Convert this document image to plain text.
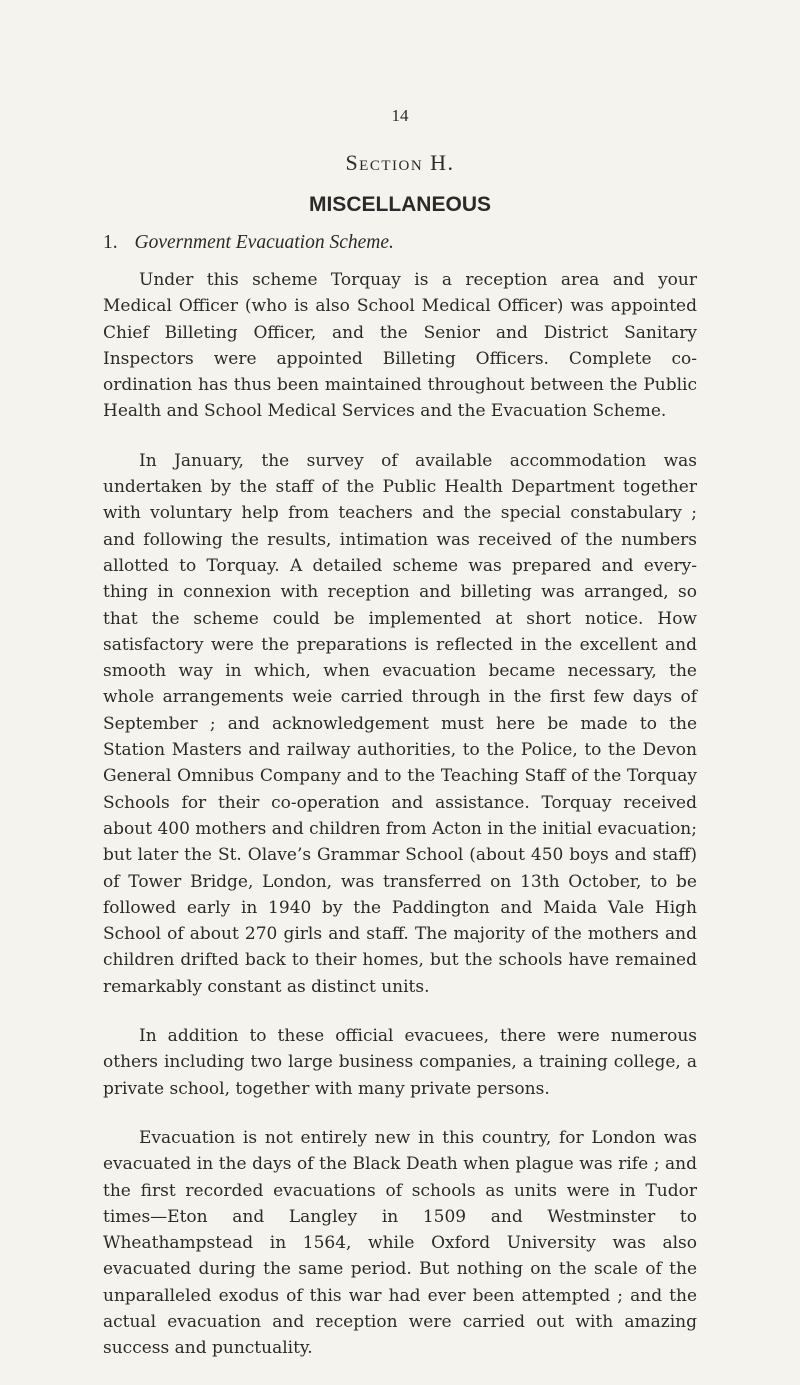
14
Section H.
MISCELLANEOUS
1. Government Evacuation Scheme.

Under this scheme Torquay is a reception area and your Medical Officer (who is also School Medical Officer) was appointed Chief Billeting Officer, and the Senior and District Sanitary Inspectors were appointed Billeting Officers. Complete co-ordination has thus been maintained throughout between the Public Health and School Medical Services and the Evacuation Scheme.

In January, the survey of available accommodation was undertaken by the staff of the Public Health Department together with voluntary help from teachers and the special constabulary ; and following the results, intimation was received of the numbers allotted to Torquay. A detailed scheme was prepared and every-thing in connexion with reception and billeting was arranged, so that the scheme could be implemented at short notice. How satisfactory were the preparations is reflected in the excellent and smooth way in which, when evacuation became necessary, the whole arrangements weie carried through in the first few days of September ; and acknowledgement must here be made to the Station Masters and railway authorities, to the Police, to the Devon General Omnibus Company and to the Teaching Staff of the Torquay Schools for their co-operation and assistance. Torquay received about 400 mothers and children from Acton in the initial evacuation; but later the St. Olave’s Grammar School (about 450 boys and staff) of Tower Bridge, London, was transferred on 13th October, to be followed early in 1940 by the Paddington and Maida Vale High School of about 270 girls and staff. The majority of the mothers and children drifted back to their homes, but the schools have remained remarkably constant as distinct units.

In addition to these official evacuees, there were numerous others including two large business companies, a training college, a private school, together with many private persons.

Evacuation is not entirely new in this country, for London was evacuated in the days of the Black Death when plague was rife ; and the first recorded evacuations of schools as units were in Tudor times—Eton and Langley in 1509 and Westminster to Wheathampstead in 1564, while Oxford University was also evacuated during the same period. But nothing on the scale of the unparalleled exodus of this war had ever been attempted ; and the actual evacuation and reception were carried out with amazing success and punctuality.
